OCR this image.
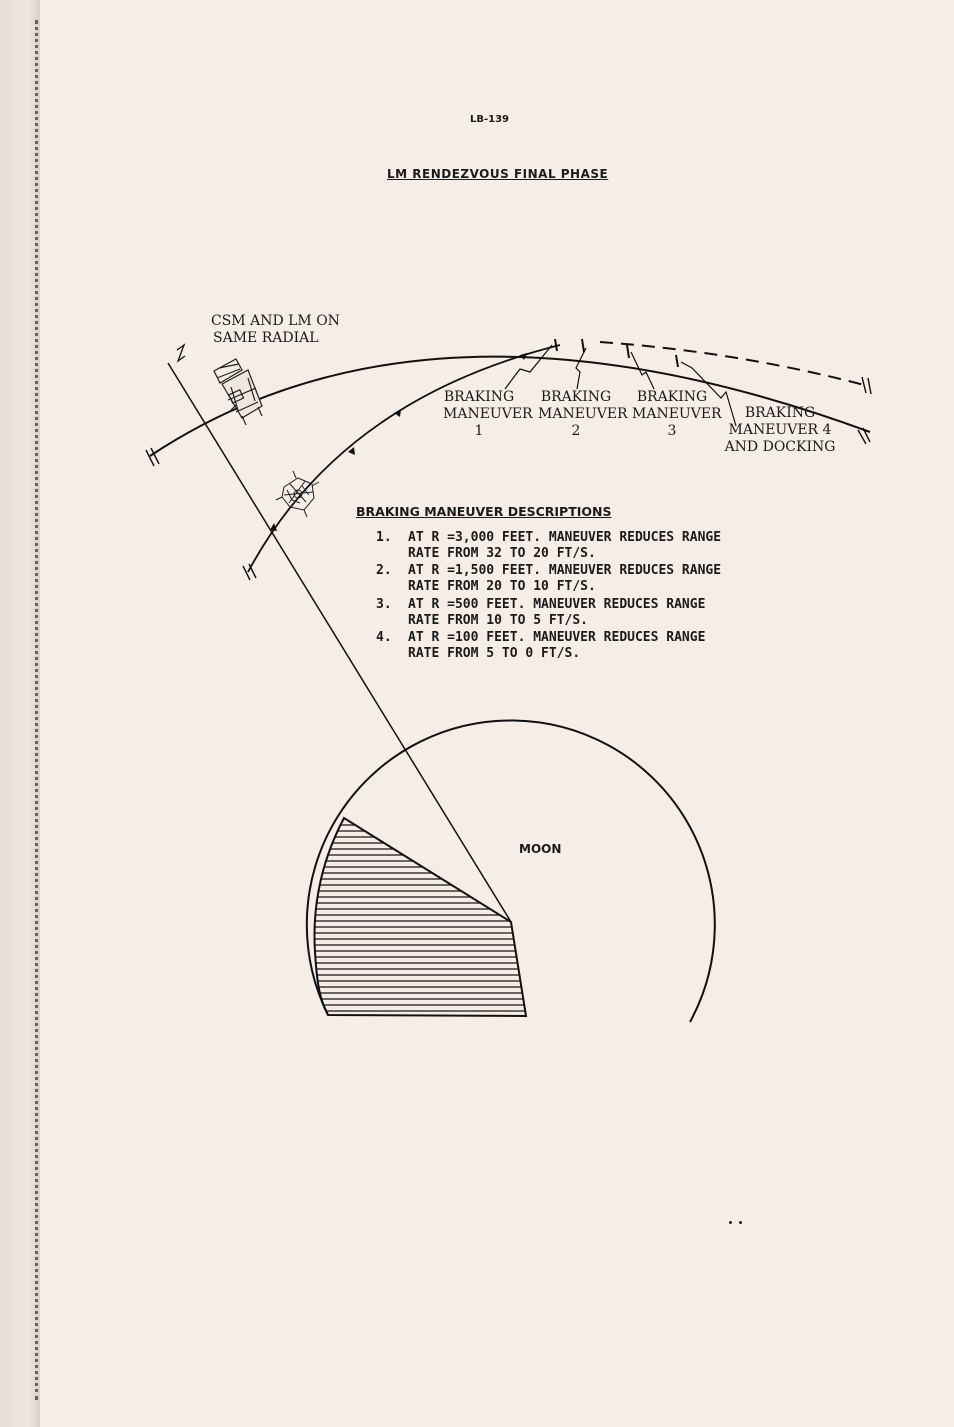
LB-139
LM RENDEZVOUS FINAL PHASE
CSM AND LM ON
SAME RADIAL
BRAKING
MANEUVER
1
BRAKING
MANEUVER
2
BRAKING
MANEUVER
3
BRAKING
MANEUVER 4
AND DOCKING
BRAKING MANEUVER DESCRIPTIONS
1. AT R =3,000 FEET. MANEUVER REDUCES RANGE
RATE FROM 32 TO 20 FT/S.
2. AT R =1,500 FEET. MANEUVER REDUCES RANGE
RATE FROM 20 TO 10 FT/S.
3. AT R =500 FEET. MANEUVER REDUCES RANGE
RATE FROM 10 TO 5 FT/S.
4. AT R =100 FEET. MANEUVER REDUCES RANGE
RATE FROM 5 TO 0 FT/S.
MOON
